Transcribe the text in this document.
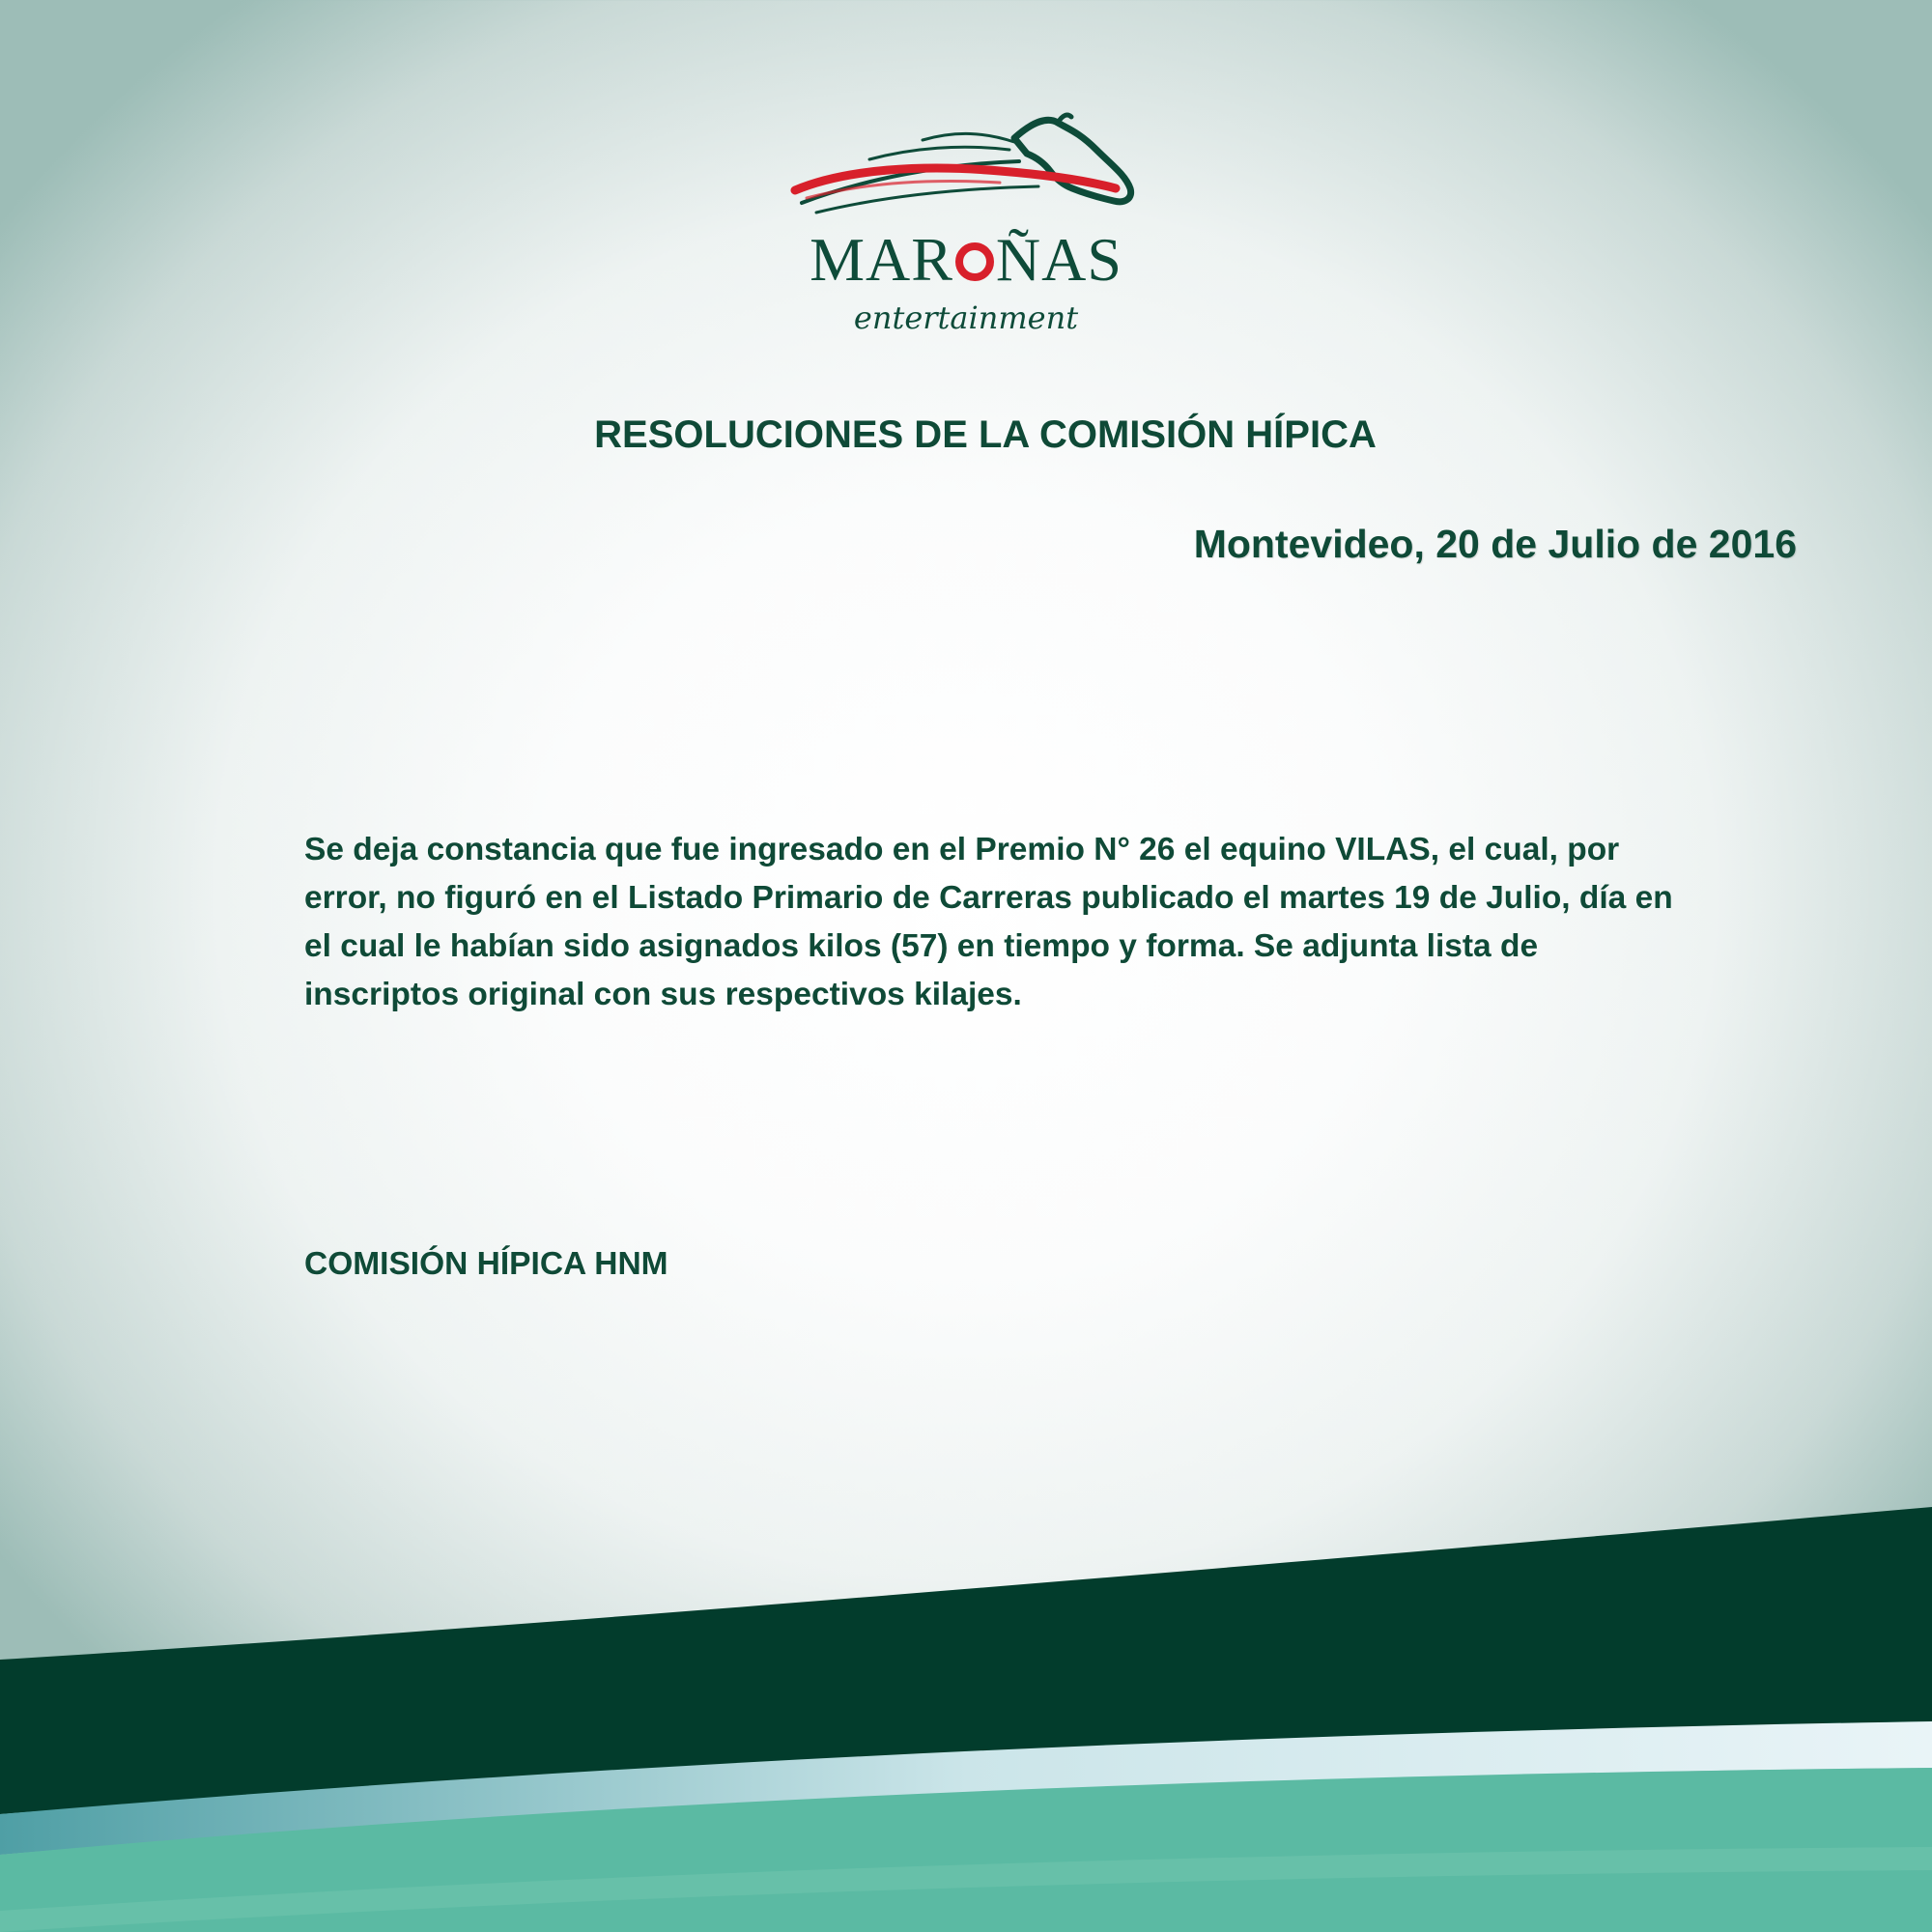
MAR ÑAS
entertainment
RESOLUCIONES DE LA COMISIÓN HÍPICA

Montevideo, 20 de Julio de 2016

Se deja constancia que fue ingresado en el Premio N° 26 el equino VILAS, el cual, por error, no figuró en el Listado Primario de Carreras publicado el martes 19 de Julio, día en el cual le habían sido asignados kilos (57) en tiempo y forma. Se adjunta lista de inscriptos original con sus respectivos kilajes.

COMISIÓN HÍPICA HNM
